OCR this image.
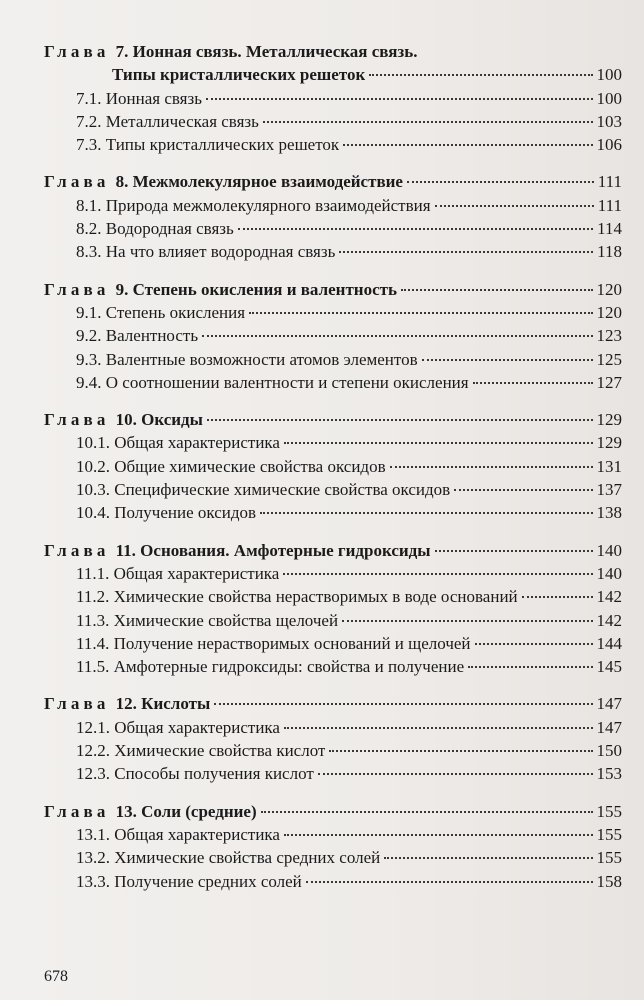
Глава 7. Ионная связь. Металлическая связь.
Типы кристаллических решеток	100
7.1. Ионная связь	100
7.2. Металлическая связь	103
7.3. Типы кристаллических решеток	106
Глава 8. Межмолекулярное взаимодействие	111
8.1. Природа межмолекулярного взаимодействия	111
8.2. Водородная связь	114
8.3. На что влияет водородная связь	118
Глава 9. Степень окисления и валентность	120
9.1. Степень окисления	120
9.2. Валентность	123
9.3. Валентные возможности атомов элементов	125
9.4. О соотношении валентности и степени окисления	127
Глава 10. Оксиды	129
10.1. Общая характеристика	129
10.2. Общие химические свойства оксидов	131
10.3. Специфические химические свойства оксидов	137
10.4. Получение оксидов	138
Глава 11. Основания. Амфотерные гидроксиды	140
11.1. Общая характеристика	140
11.2. Химические свойства нерастворимых в воде оснований	142
11.3. Химические свойства щелочей	142
11.4. Получение нерастворимых оснований и щелочей	144
11.5. Амфотерные гидроксиды: свойства и получение	145
Глава 12. Кислоты	147
12.1. Общая характеристика	147
12.2. Химические свойства кислот	150
12.3. Способы получения кислот	153
Глава 13. Соли (средние)	155
13.1. Общая характеристика	155
13.2. Химические свойства средних солей	155
13.3. Получение средних солей	158
678
